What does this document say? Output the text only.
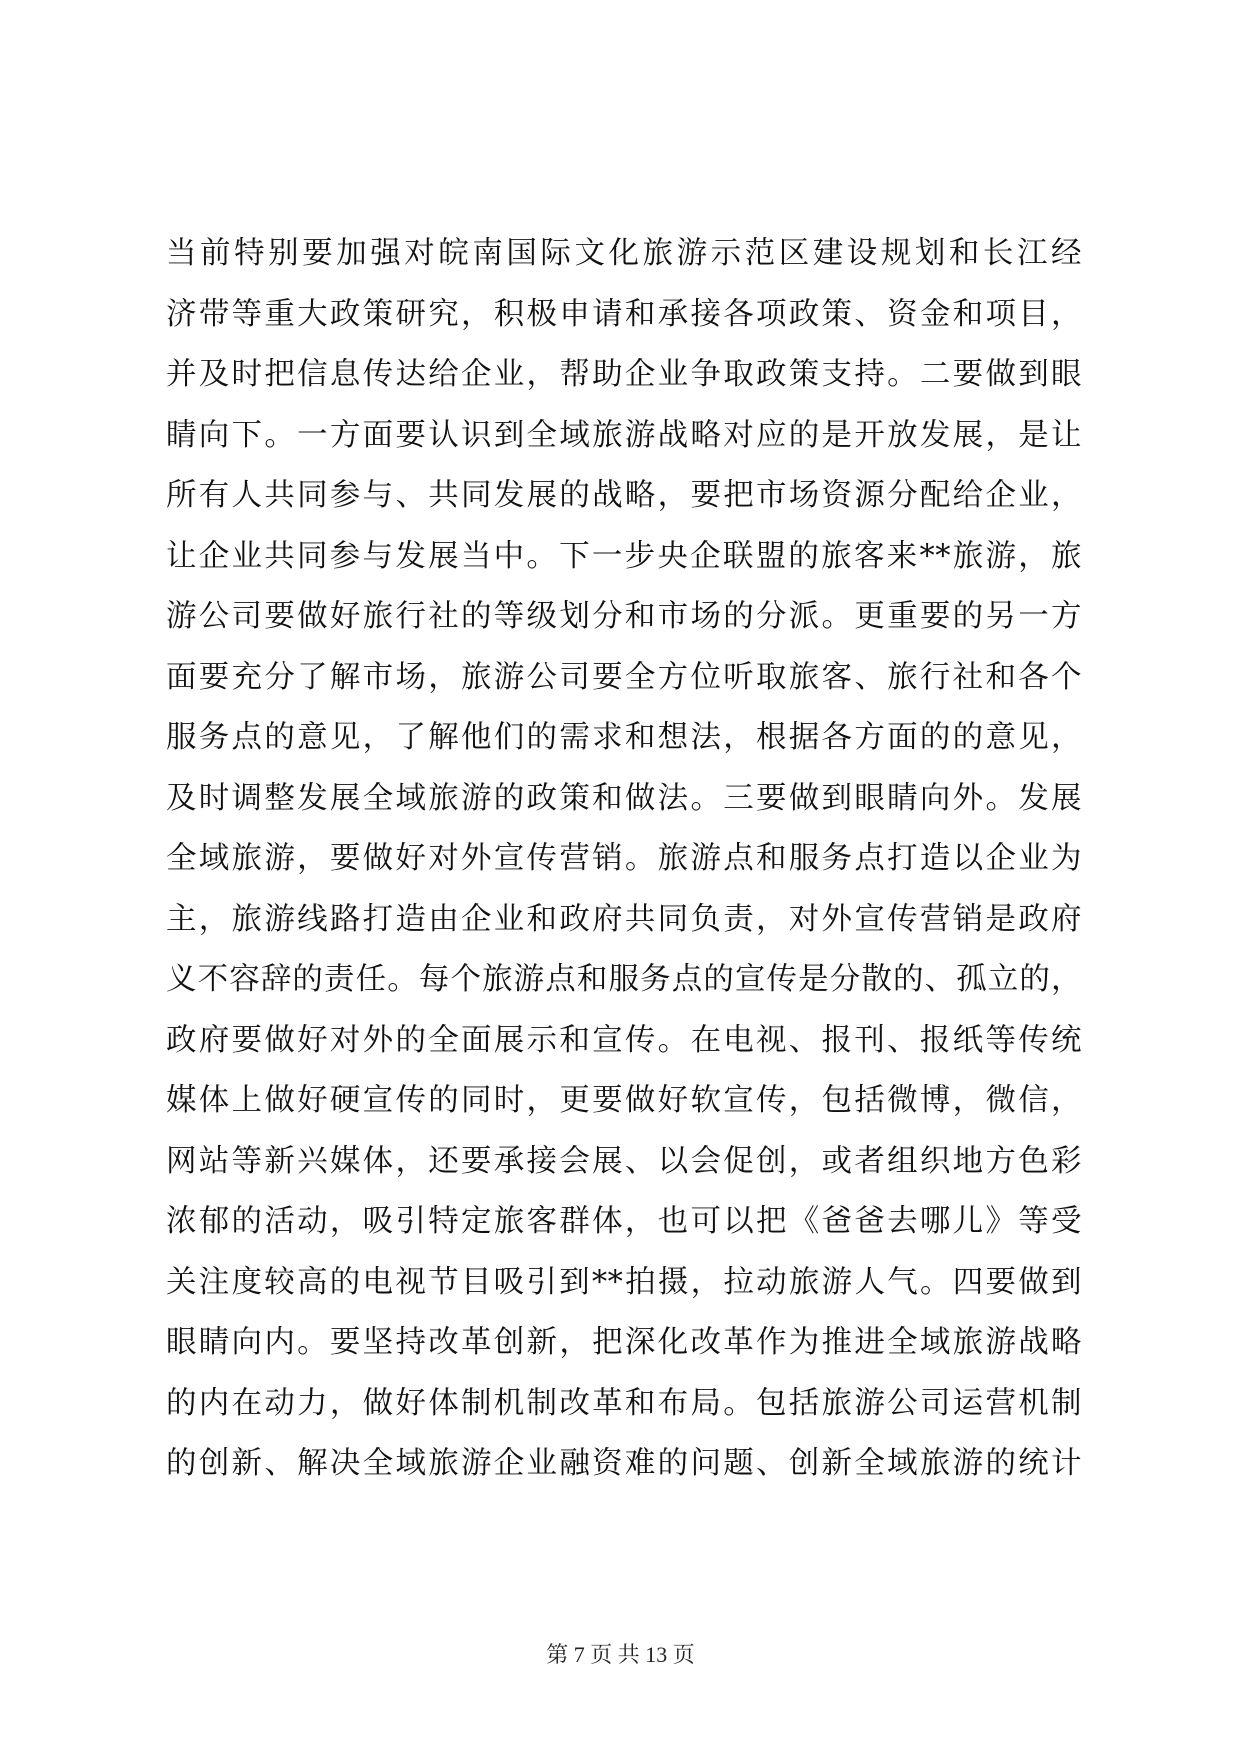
当前特别要加强对皖南国际文化旅游示范区建设规划和长江经
济带等重大政策研究，积极申请和承接各项政策、资金和项目，
并及时把信息传达给企业，帮助企业争取政策支持。二要做到眼
睛向下。一方面要认识到全域旅游战略对应的是开放发展，是让
所有人共同参与、共同发展的战略，要把市场资源分配给企业，
让企业共同参与发展当中。下一步央企联盟的旅客来**旅游，旅
游公司要做好旅行社的等级划分和市场的分派。更重要的另一方
面要充分了解市场，旅游公司要全方位听取旅客、旅行社和各个
服务点的意见，了解他们的需求和想法，根据各方面的的意见，
及时调整发展全域旅游的政策和做法。三要做到眼睛向外。发展
全域旅游，要做好对外宣传营销。旅游点和服务点打造以企业为
主，旅游线路打造由企业和政府共同负责，对外宣传营销是政府
义不容辞的责任。每个旅游点和服务点的宣传是分散的、孤立的，
政府要做好对外的全面展示和宣传。在电视、报刊、报纸等传统
媒体上做好硬宣传的同时，更要做好软宣传，包括微博，微信，
网站等新兴媒体，还要承接会展、以会促创，或者组织地方色彩
浓郁的活动，吸引特定旅客群体，也可以把《爸爸去哪儿》等受
关注度较高的电视节目吸引到**拍摄，拉动旅游人气。四要做到
眼睛向内。要坚持改革创新，把深化改革作为推进全域旅游战略
的内在动力，做好体制机制改革和布局。包括旅游公司运营机制
的创新、解决全域旅游企业融资难的问题、创新全域旅游的统计
第 7 页 共 13 页
